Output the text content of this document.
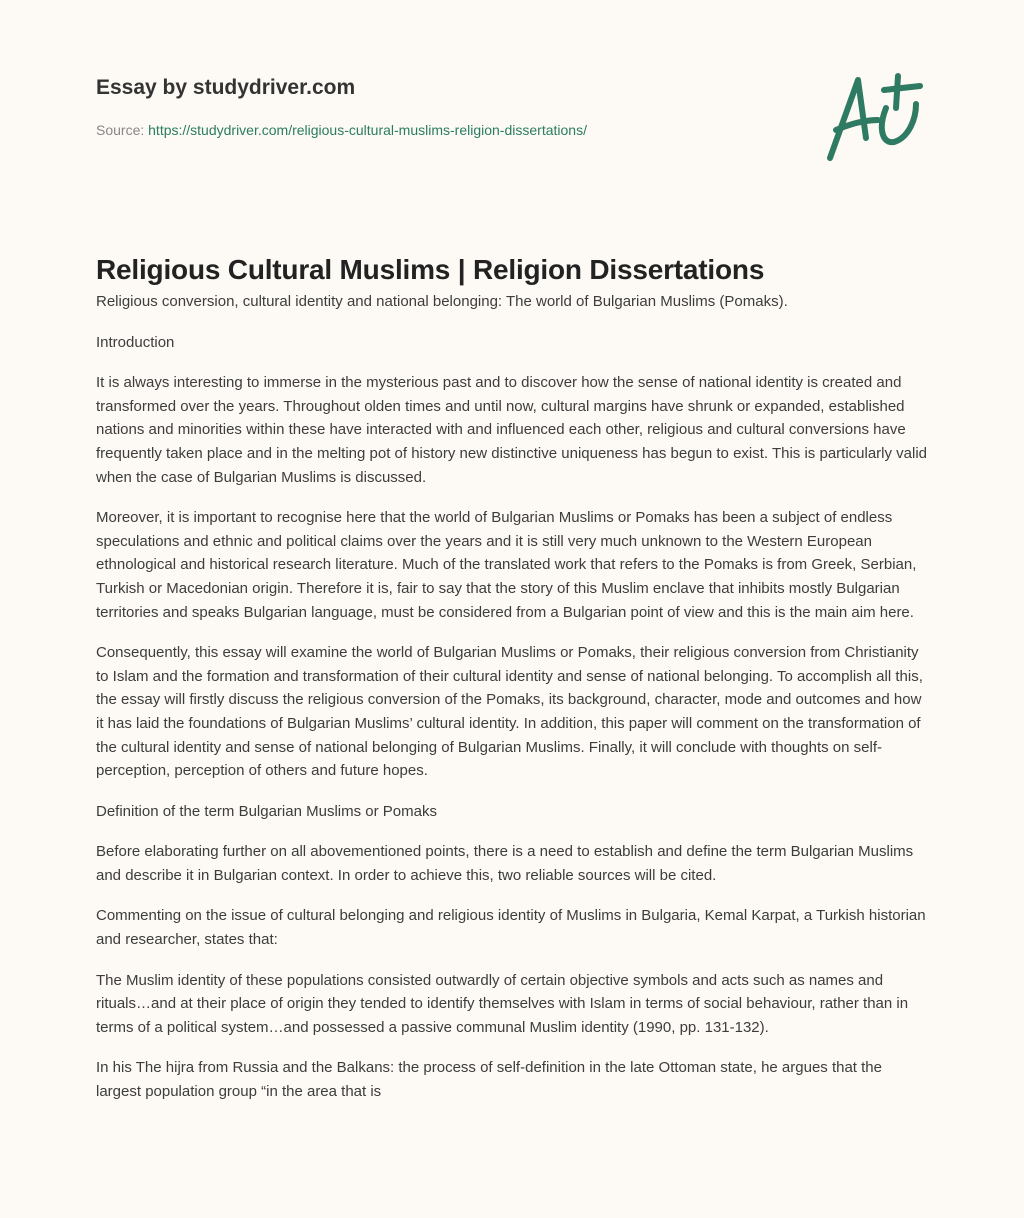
Essay by studydriver.com
Source: https://studydriver.com/religious-cultural-muslims-religion-dissertations/
Religious Cultural Muslims | Religion Dissertations

Religious conversion, cultural identity and national belonging: The world of Bulgarian Muslims (Pomaks).

Introduction

It is always interesting to immerse in the mysterious past and to discover how the sense of national identity is created and transformed over the years. Throughout olden times and until now, cultural margins have shrunk or expanded, established nations and minorities within these have interacted with and influenced each other, religious and cultural conversions have frequently taken place and in the melting pot of history new distinctive uniqueness has begun to exist. This is particularly valid when the case of Bulgarian Muslims is discussed.

Moreover, it is important to recognise here that the world of Bulgarian Muslims or Pomaks has been a subject of endless speculations and ethnic and political claims over the years and it is still very much unknown to the Western European ethnological and historical research literature. Much of the translated work that refers to the Pomaks is from Greek, Serbian, Turkish or Macedonian origin. Therefore it is, fair to say that the story of this Muslim enclave that inhibits mostly Bulgarian territories and speaks Bulgarian language, must be considered from a Bulgarian point of view and this is the main aim here.

Consequently, this essay will examine the world of Bulgarian Muslims or Pomaks, their religious conversion from Christianity to Islam and the formation and transformation of their cultural identity and sense of national belonging. To accomplish all this, the essay will firstly discuss the religious conversion of the Pomaks, its background, character, mode and outcomes and how it has laid the foundations of Bulgarian Muslims’ cultural identity. In addition, this paper will comment on the transformation of the cultural identity and sense of national belonging of Bulgarian Muslims. Finally, it will conclude with thoughts on self-perception, perception of others and future hopes.

Definition of the term Bulgarian Muslims or Pomaks

Before elaborating further on all abovementioned points, there is a need to establish and define the term Bulgarian Muslims and describe it in Bulgarian context. In order to achieve this, two reliable sources will be cited.

Commenting on the issue of cultural belonging and religious identity of Muslims in Bulgaria, Kemal Karpat, a Turkish historian and researcher, states that:

The Muslim identity of these populations consisted outwardly of certain objective symbols and acts such as names and rituals…and at their place of origin they tended to identify themselves with Islam in terms of social behaviour, rather than in terms of a political system…and possessed a passive communal Muslim identity (1990, pp. 131-132).

In his The hijra from Russia and the Balkans: the process of self-definition in the late Ottoman state, he argues that the largest population group “in the area that is
